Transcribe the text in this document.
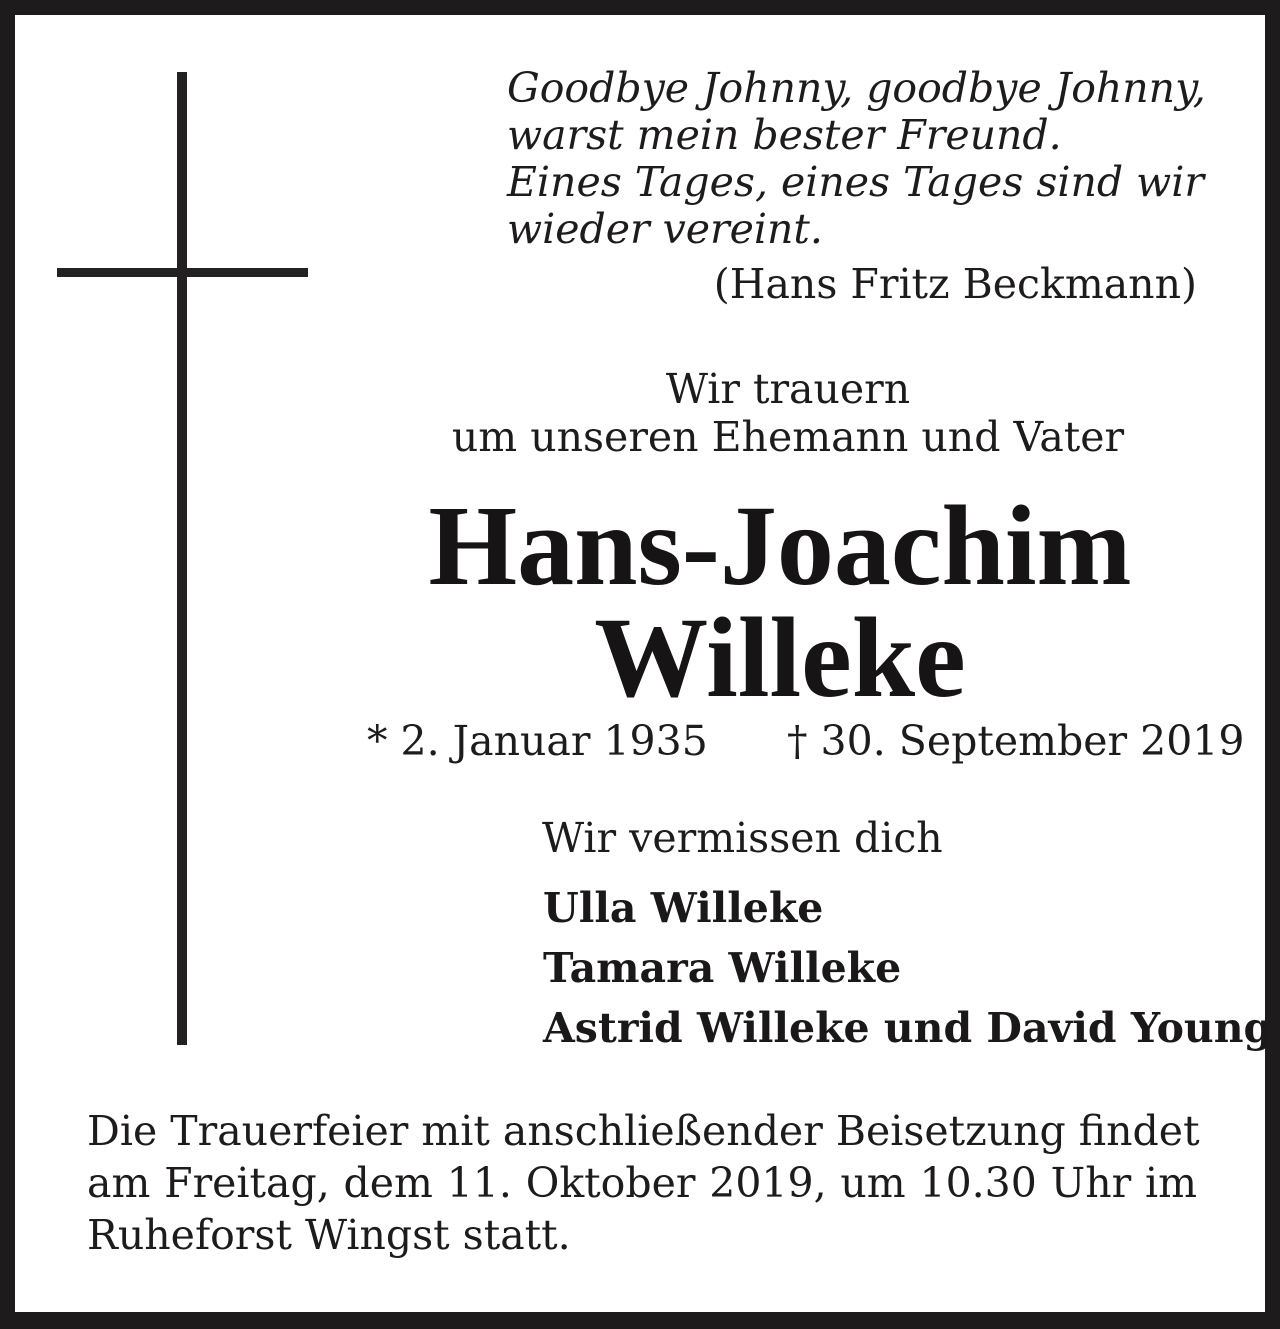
Goodbye Johnny, goodbye Johnny,
warst mein bester Freund.
Eines Tages, eines Tages sind wir
wieder vereint.
(Hans Fritz Beckmann)
Wir trauern
um unseren Ehemann und Vater
Hans-Joachim
Willeke
* 2. Januar 1935 † 30. September 2019
Wir vermissen dich
Ulla Willeke
Tamara Willeke
Astrid Willeke und David Young
Die Trauerfeier mit anschließender Beisetzung findet
am Freitag, dem 11. Oktober 2019, um 10.30 Uhr im
Ruheforst Wingst statt.
